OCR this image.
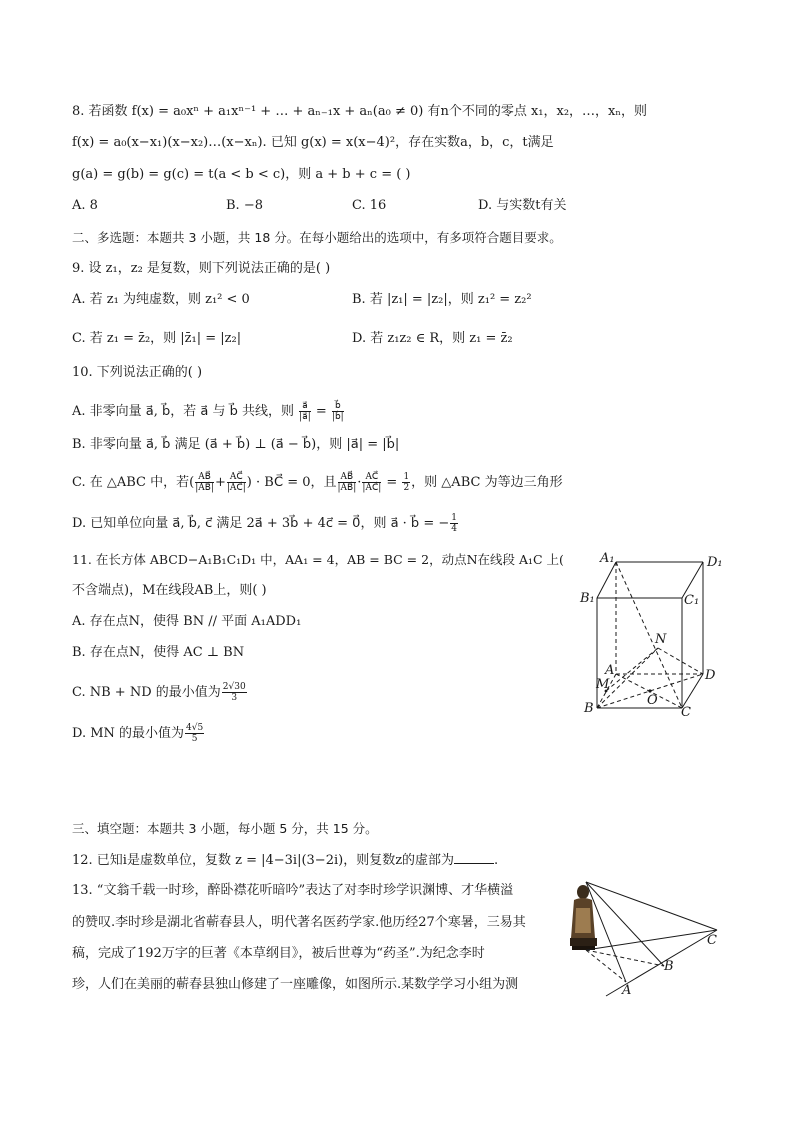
8. 若函数 f(x) = a₀xⁿ + a₁xⁿ⁻¹ + … + aₙ₋₁x + aₙ(a₀ ≠ 0) 有n个不同的零点 x₁，x₂，…，xₙ，则
f(x) = a₀(x−x₁)(x−x₂)…(x−xₙ). 已知 g(x) = x(x−4)²，存在实数a，b，c，t满足
g(a) = g(b) = g(c) = t(a < b < c)，则 a + b + c = ( )
A. 8	B. −8	C. 16	D. 与实数t有关
二、多选题：本题共 3 小题，共 18 分。在每小题给出的选项中，有多项符合题目要求。
9. 设 z₁，z₂ 是复数，则下列说法正确的是( )
A. 若 z₁ 为纯虚数，则 z₁² < 0	B. 若 |z₁| = |z₂|，则 z₁² = z₂²
C. 若 z₁ = z̄₂，则 |z̄₁| = |z₂|	D. 若 z₁z₂ ∈ R，则 z₁ = z̄₂
10. 下列说法正确的( )
A. 非零向量 a⃗, b⃗，若 a⃗ 与 b⃗ 共线，则 $\frac{a⃗}{|a⃗|} = \frac{b⃗}{|b⃗|}$
B. 非零向量 a⃗, b⃗ 满足 (a⃗ + b⃗) ⊥ (a⃗ − b⃗)，则 |a⃗| = |b⃗|
C. 在 △ABC 中，若( $\frac{AB⃗}{|AB⃗|} + \frac{AC⃗}{|AC⃗|}$ ) · BC⃗ = 0，且 $\frac{AB⃗}{|AB⃗|} \cdot \frac{AC⃗}{|AC⃗|} = \frac{1}{2}$ ，则 △ABC 为等边三角形
D. 已知单位向量 a⃗, b⃗, c⃗ 满足 2a⃗ + 3b⃗ + 4c⃗ = 0⃗，则 a⃗ · b⃗ = − $\frac{1}{4}$
11. 在长方体 ABCD−A₁B₁C₁D₁ 中，AA₁ = 4，AB = BC = 2，动点N在线段 A₁C 上(
不含端点)，M在线段AB上，则( )
A. 存在点N，使得 BN // 平面 A₁ADD₁
B. 存在点N，使得 AC ⊥ BN
C. NB + ND 的最小值为 $\frac{2√30}{3}$
D. MN 的最小值为 $\frac{4√5}{5}$
A₁	D₁
B₁	C₁
N
A
M
D
O
B	C
三、填空题：本题共 3 小题，每小题 5 分，共 15 分。
12. 已知i是虚数单位，复数 z = |4−3i|(3−2i)，则复数z的虚部为	.
13. “文翁千载一时珍，醉卧襟花听暗吟”表达了对李时珍学识渊博、才华横溢
的赞叹.李时珍是湖北省蕲春县人，明代著名医药学家.他历经27个寒暑，三易其
稿，完成了192万字的巨著《本草纲目》，被后世尊为“药圣”.为纪念李时
珍，人们在美丽的蕲春县独山修建了一座雕像，如图所示.某数学学习小组为测
C
B
A
